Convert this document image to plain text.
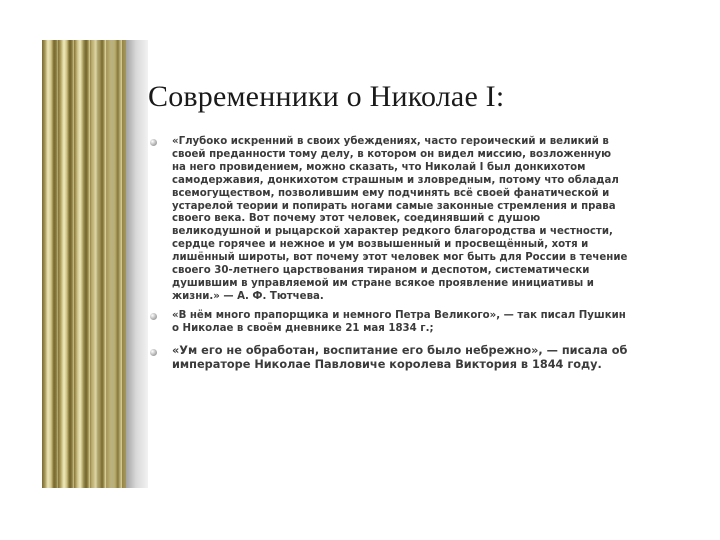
Современники о Николае I:
«Глубоко искренний в своих убеждениях, часто героический и великий в своей преданности тому делу, в котором он видел миссию, возложенную на него провидением, можно сказать, что Николай I был донкихотом самодержавия, донкихотом страшным и зловредным, потому что обладал всемогуществом, позволившим ему подчинять всё своей фанатической и устарелой теории и попирать ногами самые законные стремления и права своего века. Вот почему этот человек, соединявший с душою великодушной и рыцарской характер редкого благородства и честности, сердце горячее и нежное и ум возвышенный и просвещённый, хотя и лишённый широты, вот почему этот человек мог быть для России в течение своего 30-летнего царствования тираном и деспотом, систематически душившим в управляемой им стране всякое проявление инициативы и жизни.» — А. Ф. Тютчева.
«В нём много прапорщика и немного Петра Великого», — так писал Пушкин о Николае в своём дневнике 21 мая 1834 г.;
«Ум его не обработан, воспитание его было небрежно», — писала об императоре Николае Павловиче королева Виктория в 1844 году.
